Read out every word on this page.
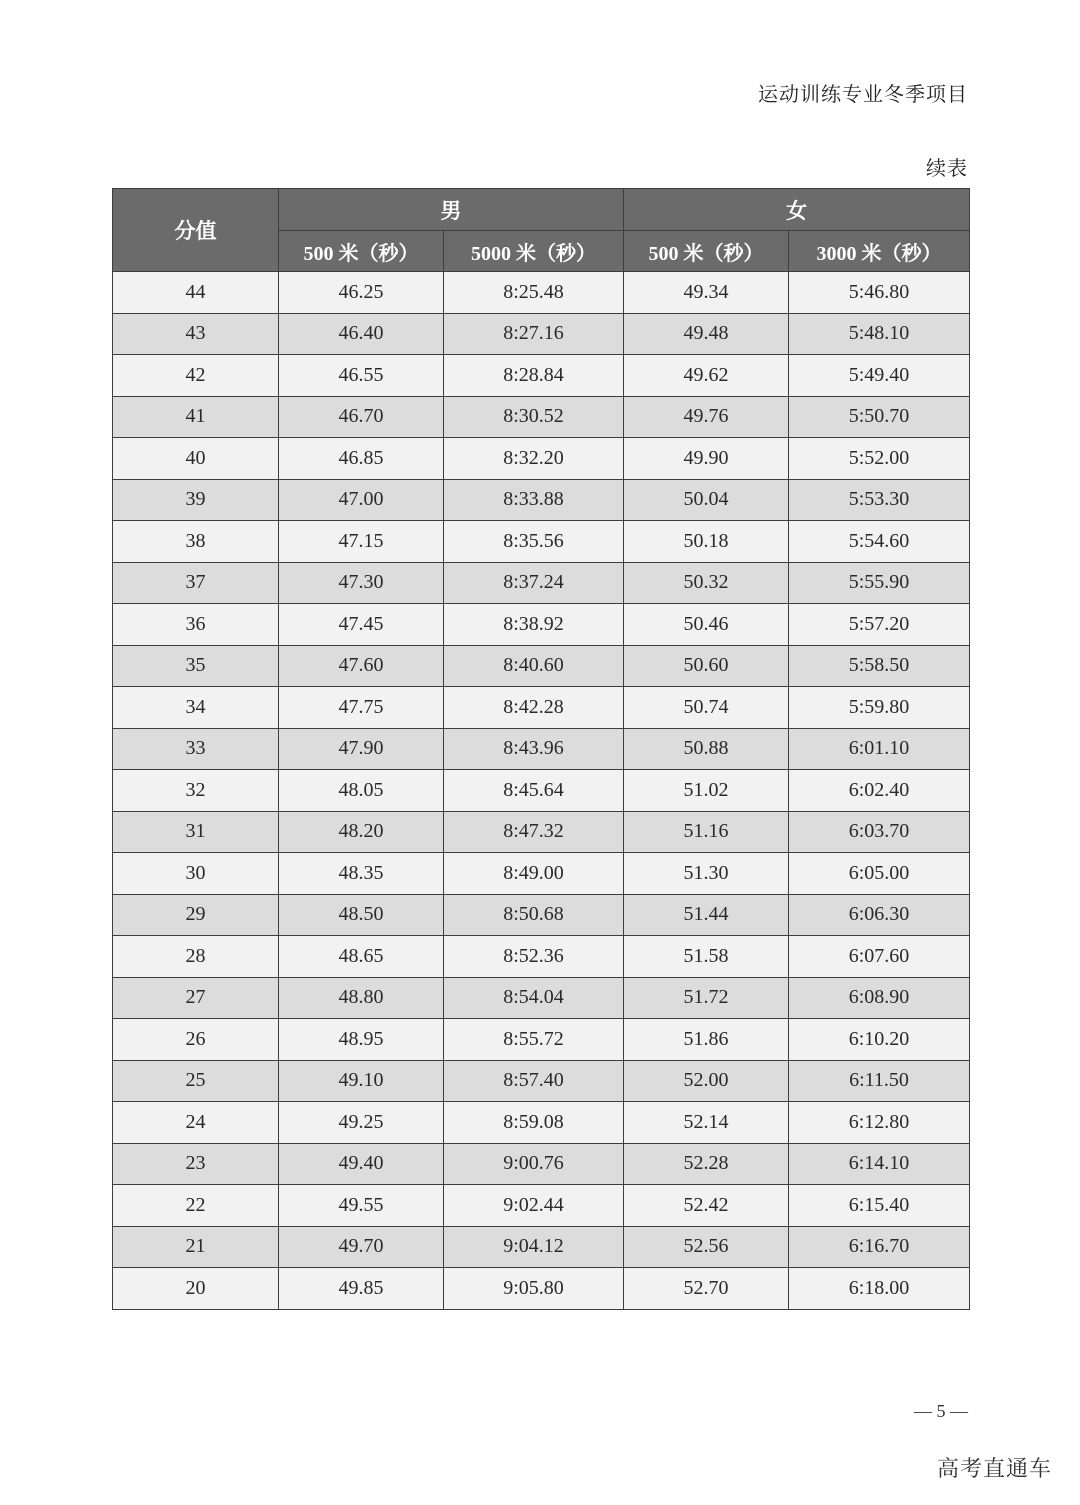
运动训练专业冬季项目
续表
分值	男		女	
	500 米（秒）	5000 米（秒）	500 米（秒）	3000 米（秒）
44	46.25	8:25.48	49.34	5:46.80
43	46.40	8:27.16	49.48	5:48.10
42	46.55	8:28.84	49.62	5:49.40
41	46.70	8:30.52	49.76	5:50.70
40	46.85	8:32.20	49.90	5:52.00
39	47.00	8:33.88	50.04	5:53.30
38	47.15	8:35.56	50.18	5:54.60
37	47.30	8:37.24	50.32	5:55.90
36	47.45	8:38.92	50.46	5:57.20
35	47.60	8:40.60	50.60	5:58.50
34	47.75	8:42.28	50.74	5:59.80
33	47.90	8:43.96	50.88	6:01.10
32	48.05	8:45.64	51.02	6:02.40
31	48.20	8:47.32	51.16	6:03.70
30	48.35	8:49.00	51.30	6:05.00
29	48.50	8:50.68	51.44	6:06.30
28	48.65	8:52.36	51.58	6:07.60
27	48.80	8:54.04	51.72	6:08.90
26	48.95	8:55.72	51.86	6:10.20
25	49.10	8:57.40	52.00	6:11.50
24	49.25	8:59.08	52.14	6:12.80
23	49.40	9:00.76	52.28	6:14.10
22	49.55	9:02.44	52.42	6:15.40
21	49.70	9:04.12	52.56	6:16.70
20	49.85	9:05.80	52.70	6:18.00
— 5 —
高考直通车
